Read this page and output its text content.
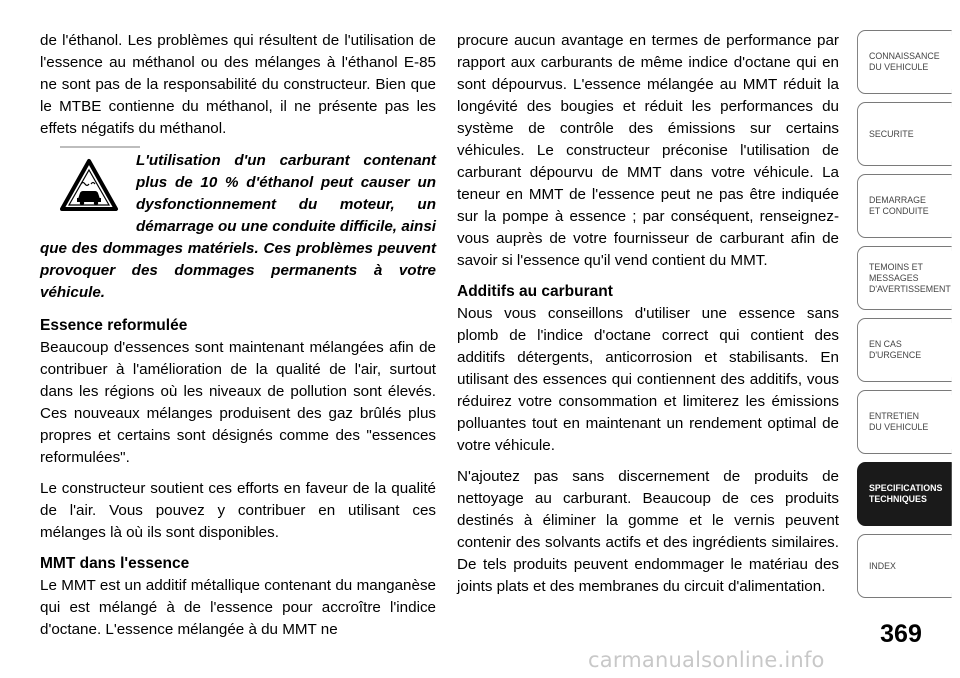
de l'éthanol. Les problèmes qui résultent de l'utilisation de l'essence au méthanol ou des mélanges à l'éthanol E-85 ne sont pas de la responsabilité du constructeur. Bien que le MTBE contienne du méthanol, il ne présente pas les effets négatifs du méthanol.

L'utilisation d'un carburant contenant plus de 10 % d'éthanol peut causer un dysfonctionnement du moteur, un démarrage ou une conduite difficile, ainsi que des dommages matériels. Ces problèmes peuvent provoquer des dommages permanents à votre véhicule.

Essence reformulée

Beaucoup d'essences sont maintenant mélangées afin de contribuer à l'amélioration de la qualité de l'air, surtout dans les régions où les niveaux de pollution sont élevés. Ces nouveaux mélanges produisent des gaz brûlés plus propres et certains sont désignés comme des "essences reformulées".

Le constructeur soutient ces efforts en faveur de la qualité de l'air. Vous pouvez y contribuer en utilisant ces mélanges là où ils sont disponibles.

MMT dans l'essence

Le MMT est un additif métallique contenant du manganèse qui est mélangé à de l'essence pour accroître l'indice d'octane. L'essence mélangée à du MMT ne

procure aucun avantage en termes de performance par rapport aux carburants de même indice d'octane qui en sont dépourvus. L'essence mélangée au MMT réduit la longévité des bougies et réduit les performances du système de contrôle des émissions sur certains véhicules. Le constructeur préconise l'utilisation de carburant dépourvu de MMT dans votre véhicule. La teneur en MMT de l'essence peut ne pas être indiquée sur la pompe à essence ; par conséquent, renseignez-vous auprès de votre fournisseur de carburant afin de savoir si l'essence qu'il vend contient du MMT.

Additifs au carburant

Nous vous conseillons d'utiliser une essence sans plomb de l'indice d'octane correct qui contient des additifs détergents, anticorrosion et stabilisants. En utilisant des essences qui contiennent des additifs, vous réduirez votre consommation et limiterez les émissions polluantes tout en maintenant un rendement optimal de votre véhicule.

N'ajoutez pas sans discernement de produits de nettoyage au carburant. Beaucoup de ces produits destinés à éliminer la gomme et le vernis peuvent contenir des solvants actifs et des ingrédients similaires. De tels produits peuvent endommager le matériau des joints plats et des membranes du circuit d'alimentation.

CONNAISSANCE
DU VEHICULE
SECURITE
DEMARRAGE
ET CONDUITE
TEMOINS ET
MESSAGES
D'AVERTISSEMENT
EN CAS
D'URGENCE
ENTRETIEN
DU VEHICULE
SPECIFICATIONS
TECHNIQUES
INDEX
369
carmanualsonline.info
